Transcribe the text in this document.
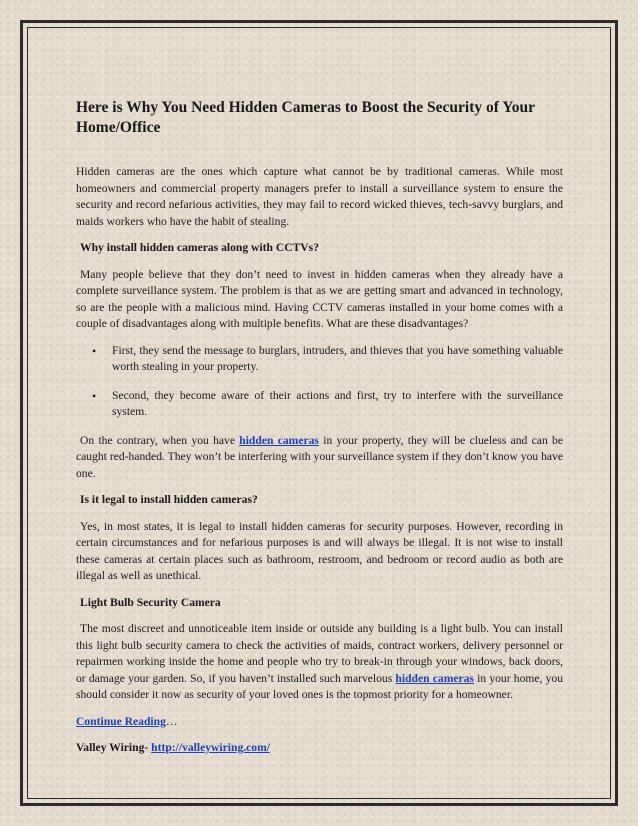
Here is Why You Need Hidden Cameras to Boost the Security of Your Home/Office

Hidden cameras are the ones which capture what cannot be by traditional cameras. While most homeowners and commercial property managers prefer to install a surveillance system to ensure the security and record nefarious activities, they may fail to record wicked thieves, tech-savvy burglars, and maids workers who have the habit of stealing.

Why install hidden cameras along with CCTVs?

Many people believe that they don’t need to invest in hidden cameras when they already have a complete surveillance system. The problem is that as we are getting smart and advanced in technology, so are the people with a malicious mind. Having CCTV cameras installed in your home comes with a couple of disadvantages along with multiple benefits. What are these disadvantages?

• First, they send the message to burglars, intruders, and thieves that you have something valuable worth stealing in your property.
• Second, they become aware of their actions and first, try to interfere with the surveillance system.

On the contrary, when you have hidden cameras in your property, they will be clueless and can be caught red-handed. They won’t be interfering with your surveillance system if they don’t know you have one.

Is it legal to install hidden cameras?

Yes, in most states, it is legal to install hidden cameras for security purposes. However, recording in certain circumstances and for nefarious purposes is and will always be illegal. It is not wise to install these cameras at certain places such as bathroom, restroom, and bedroom or record audio as both are illegal as well as unethical.

Light Bulb Security Camera

The most discreet and unnoticeable item inside or outside any building is a light bulb. You can install this light bulb security camera to check the activities of maids, contract workers, delivery personnel or repairmen working inside the home and people who try to break-in through your windows, back doors, or damage your garden. So, if you haven’t installed such marvelous hidden cameras in your home, you should consider it now as security of your loved ones is the topmost priority for a homeowner.

Continue Reading…

Valley Wiring- http://valleywiring.com/
